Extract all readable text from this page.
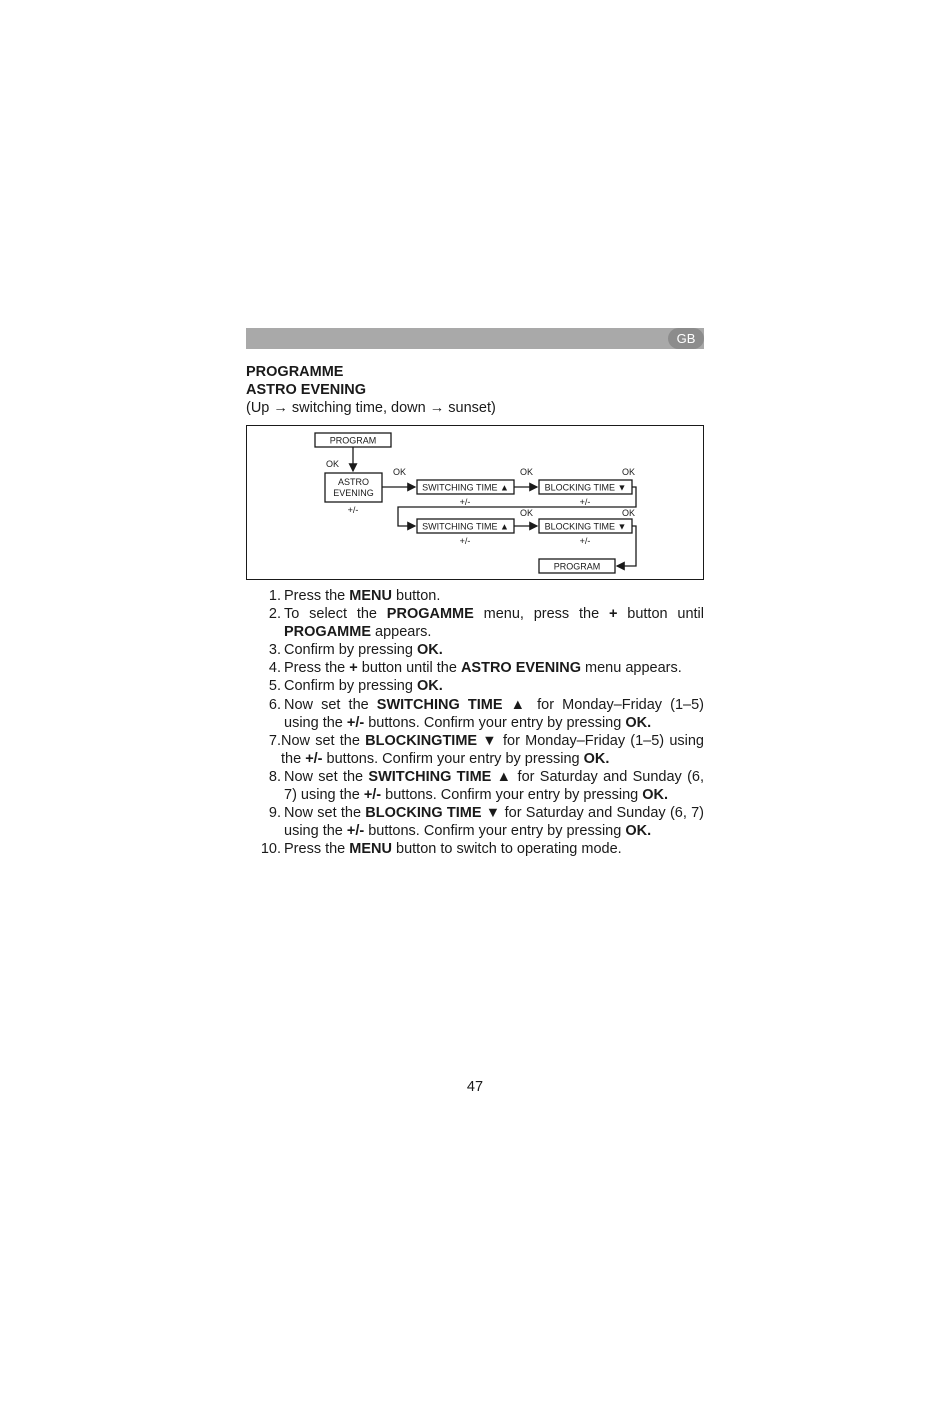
GB
PROGRAMME
ASTRO EVENING
(Up → switching time, down → sunset)
PROGRAM
OK
ASTRO
EVENING
+/-
OK	OK	OK
SWITCHING TIME ▲	BLOCKING TIME ▼
+/-	+/-
OK	OK
SWITCHING TIME ▲	BLOCKING TIME ▼
+/-	+/-
PROGRAM
1. Press the MENU button.
2. To select the PROGAMME menu, press the + button until PROGAMME appears.
3. Confirm by pressing OK.
4. Press the + button until the ASTRO EVENING menu appears.
5. Confirm by pressing OK.
6. Now set the SWITCHING TIME ▲ for Monday–Friday (1–5) using the +/- buttons. Confirm your entry by pressing OK.
7. Now set the BLOCKINGTIME ▼ for Monday–Friday (1–5) using the +/- buttons. Confirm your entry by pressing OK.
8. Now set the SWITCHING TIME ▲ for Saturday and Sunday (6, 7) using the +/- buttons. Confirm your entry by pressing OK.
9. Now set the BLOCKING TIME ▼ for Saturday and Sunday (6, 7) using the +/- buttons. Confirm your entry by pressing OK.
10. Press the MENU button to switch to operating mode.
47
